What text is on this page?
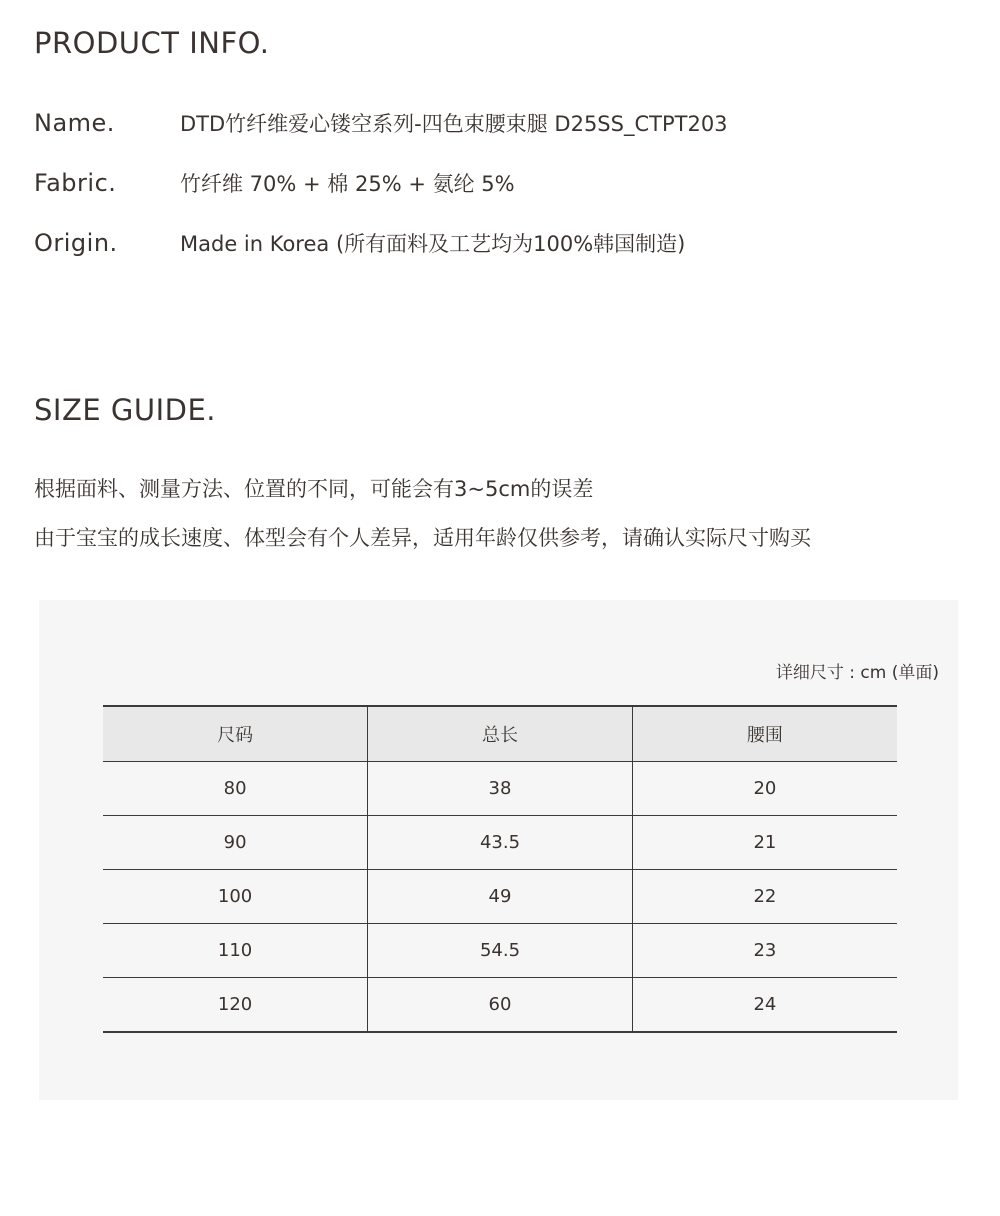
PRODUCT INFO.
Name.	DTD竹纤维爱心镂空系列-四色束腰束腿 D25SS_CTPT203
Fabric.	竹纤维 70% + 棉 25% + 氨纶 5%
Origin.	Made in Korea (所有面料及工艺均为100%韩国制造)
SIZE GUIDE.
根据面料、测量方法、位置的不同，可能会有3~5cm的误差
由于宝宝的成长速度、体型会有个人差异，适用年龄仅供参考，请确认实际尺寸购买
详细尺寸 : cm (单面)
尺码	总长	腰围
80	38	20
90	43.5	21
100	49	22
110	54.5	23
120	60	24
